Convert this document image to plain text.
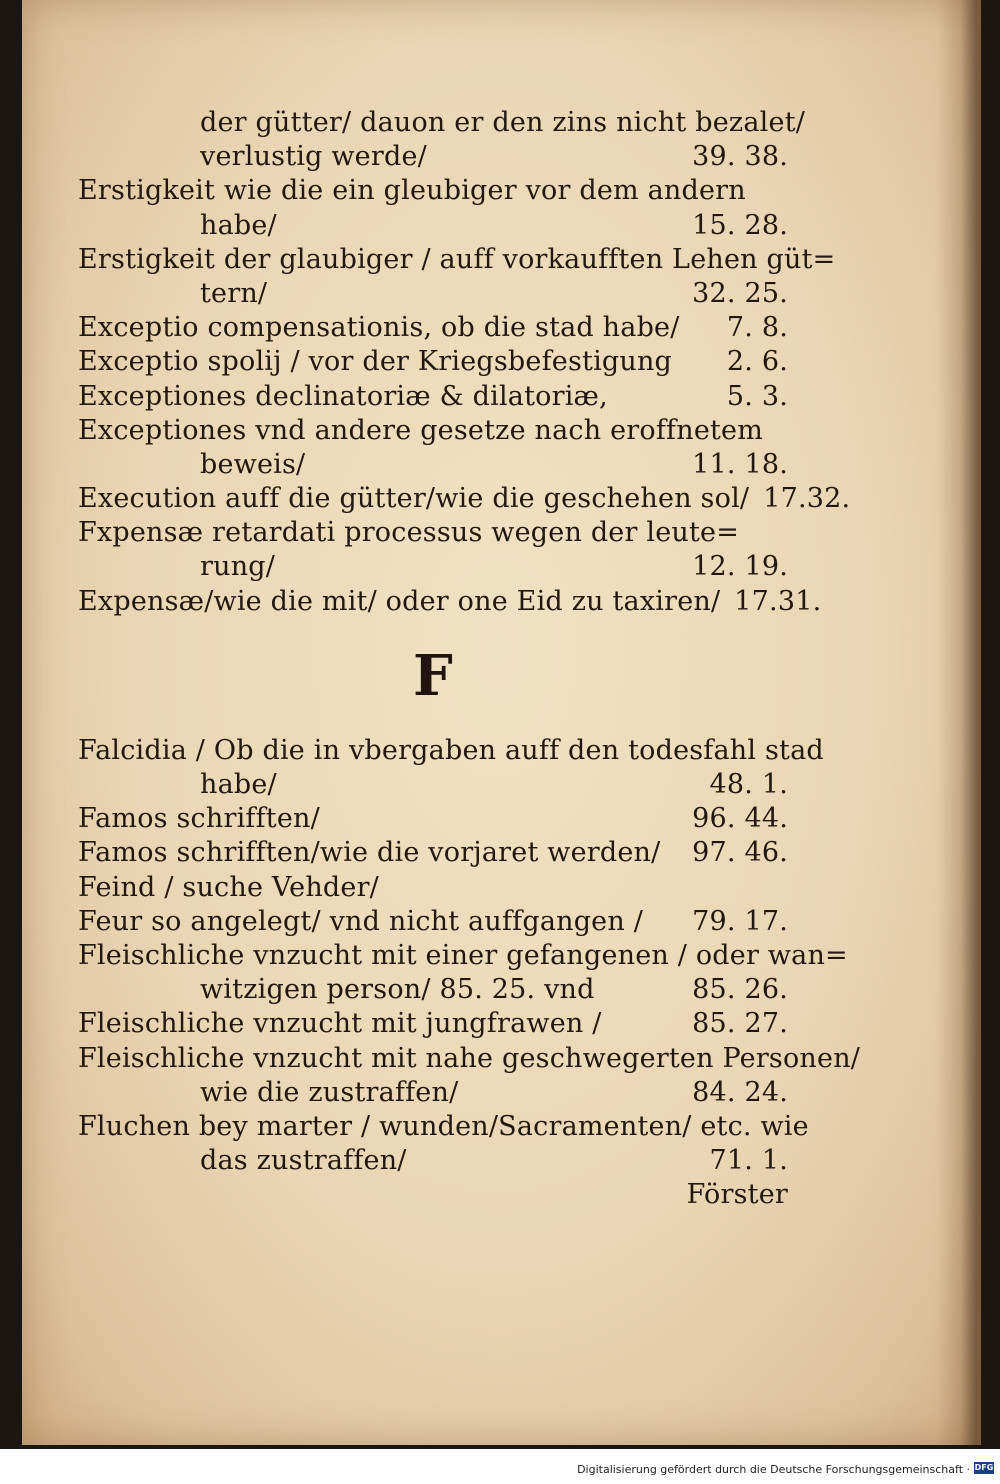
der gütter/ dauon er den zins nicht bezalet/
verlustig werde/	39. 38.
Erstigkeit wie die ein gleubiger vor dem andern
habe/	15. 28.
Erstigkeit der glaubiger / auff vorkaufften Lehen güt=
tern/	32. 25.
Exceptio compensationis, ob die stad habe/	7. 8.
Exceptio spolij / vor der Kriegsbefestigung	2. 6.
Exceptiones declinatoriæ & dilatoriæ,	5. 3.
Exceptiones vnd andere gesetze nach eroffnetem
beweis/	11. 18.
Execution auff die gütter/wie die geschehen sol/ 17.32.
Fxpensæ retardati processus wegen der leute=
rung/	12. 19.
Expensæ/wie die mit/ oder one Eid zu taxiren/ 17.31.
F
Falcidia / Ob die in vbergaben auff den todesfahl stad
habe/	48. 1.
Famos schrifften/	96. 44.
Famos schrifften/wie die vorjaret werden/	97. 46.
Feind / suche Vehder/
Feur so angelegt/ vnd nicht auffgangen /	79. 17.
Fleischliche vnzucht mit einer gefangenen / oder wan=
witzigen person/ 85. 25. vnd	85. 26.
Fleischliche vnzucht mit jungfrawen /	85. 27.
Fleischliche vnzucht mit nahe geschwegerten Personen/
wie die zustraffen/	84. 24.
Fluchen bey marter / wunden/Sacramenten/ etc. wie
das zustraffen/	71. 1.
Förster
Digitalisierung gefördert durch die Deutsche Forschungsgemeinschaft · DFG
